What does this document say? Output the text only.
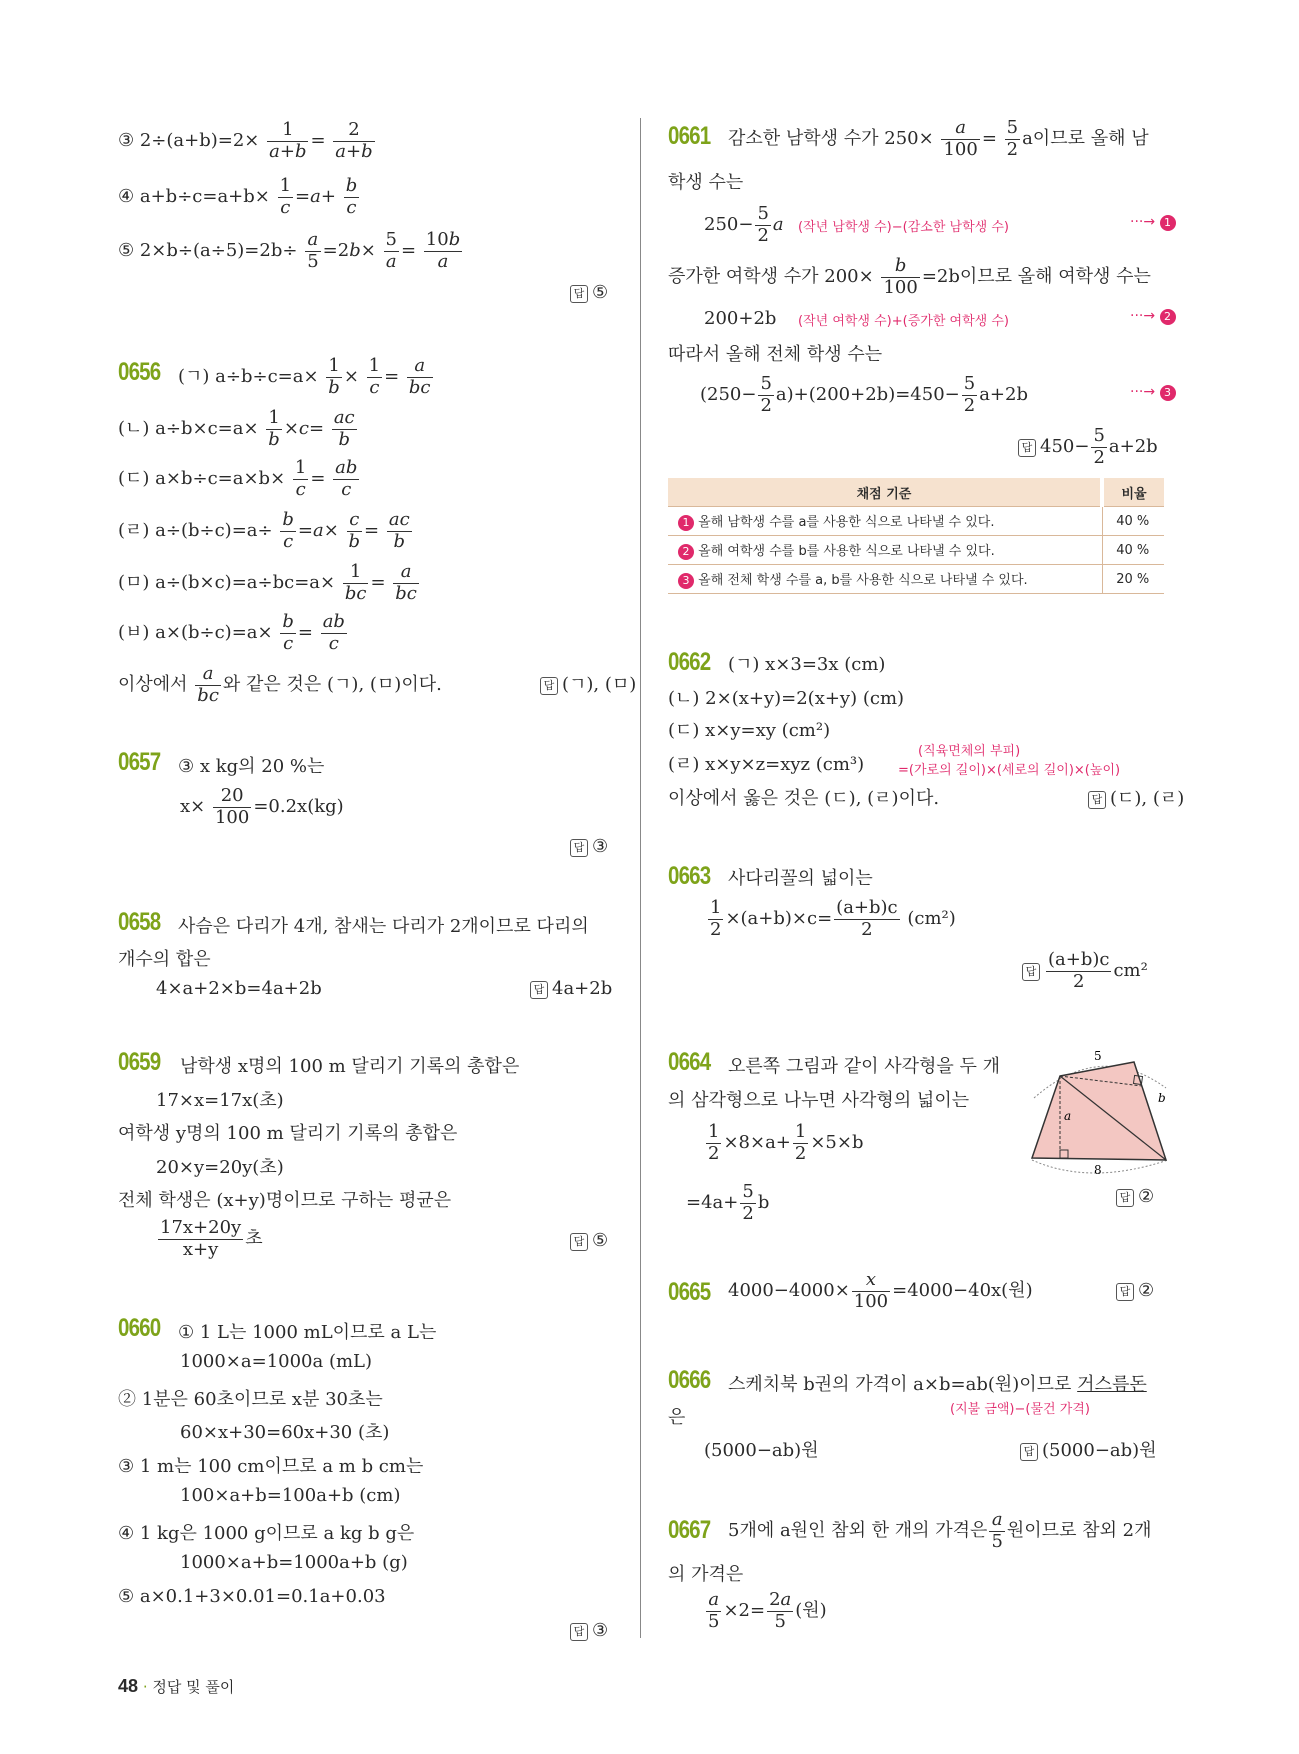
③ $2\div(a+b)=2\times \frac{1}{a+b} = \frac{2}{a+b}$
④ $a+b\div c=a+b\times \frac{1}{c} =a+ \frac{b}{c}$
⑤ $2\times b\div(a\div 5)=2b\div \frac{a}{5} =2b\times \frac{5}{a} = \frac{10b}{a}$
답 ⑤
0656 (ㄱ) $a\div b\div c=a\times \frac{1}{b} \times \frac{1}{c} = \frac{a}{bc}$
(ㄴ) $a\div b\times c=a\times \frac{1}{b} \times c= \frac{ac}{b}$
(ㄷ) $a\times b\div c=a\times b\times \frac{1}{c} = \frac{ab}{c}$
(ㄹ) $a\div(b\div c)=a\div \frac{b}{c} =a\times \frac{c}{b} = \frac{ac}{b}$
(ㅁ) $a\div(b\times c)=a\div bc=a\times \frac{1}{bc} = \frac{a}{bc}$
(ㅂ) $a\times(b\div c)=a\times \frac{b}{c} = \frac{ab}{c}$
이상에서 $\frac{a}{bc}$ 와 같은 것은 (ㄱ), (ㅁ)이다.	답 (ㄱ), (ㅁ)
0657 ③ x kg의 20 %는
$x\times \frac{20}{100} =0.2x(kg)$
답 ③
0658 사슴은 다리가 4개, 참새는 다리가 2개이므로 다리의
개수의 합은
4×a+2×b=4a+2b	답 4a+2b
0659 남학생 x명의 100 m 달리기 기록의 총합은
17×x=17x(초)
여학생 y명의 100 m 달리기 기록의 총합은
20×y=20y(초)
전체 학생은 (x+y)명이므로 구하는 평균은
$\frac{17x+20y}{x+y}$ 초	답 ⑤
0660 ① 1 L는 1000 mL이므로 a L는
1000×a=1000a (mL)
② 1분은 60초이므로 x분 30초는
60×x+30=60x+30 (초)
③ 1 m는 100 cm이므로 a m b cm는
100×a+b=100a+b (cm)
④ 1 kg은 1000 g이므로 a kg b g은
1000×a+b=1000a+b (g)
⑤ a×0.1+3×0.01=0.1a+0.03
답 ③
0661 감소한 남학생 수가 $250\times \frac{a}{100} = \frac{5}{2}$ a이므로 올해 남
학생 수는
$250- \frac{5}{2}$ a (작년 남학생 수)−(감소한 남학생 수)	···→ 1
증가한 여학생 수가 $200\times \frac{b}{100} =2b$이므로 올해 여학생 수는
200+2b (작년 여학생 수)+(증가한 여학생 수)	···→ 2
따라서 올해 전체 학생 수는
$(250- \frac{5}{2} a)+(200+2b)=450- \frac{5}{2} a+2b$	···→ 3
답 $450- \frac{5}{2} a+2b$
채점 기준	비율
1 올해 남학생 수를 a를 사용한 식으로 나타낼 수 있다.	40 %
2 올해 여학생 수를 b를 사용한 식으로 나타낼 수 있다.	40 %
3 올해 전체 학생 수를 a, b를 사용한 식으로 나타낼 수 있다.	20 %
0662 (ㄱ) x×3=3x (cm)
(ㄴ) 2×(x+y)=2(x+y) (cm)
(ㄷ) x×y=xy (cm²)
(ㄹ) x×y×z=xyz (cm³)
(직육면체의 부피)
=(가로의 길이)×(세로의 길이)×(높이)
이상에서 옳은 것은 (ㄷ), (ㄹ)이다.	답 (ㄷ), (ㄹ)
0663 사다리꼴의 넓이는
$\frac{1}{2} \times(a+b)\times c= \frac{(a+b)c}{2} (cm^2)$
답 $\frac{(a+b)c}{2} cm^2$
0664 오른쪽 그림과 같이 사각형을 두 개
의 삼각형으로 나누면 사각형의 넓이는
$\frac{1}{2} \times 8\times a+ \frac{1}{2} \times 5\times b$
$=4a+ \frac{5}{2}$ b
5
b
a
8
답 ②
0665 $4000-4000\times \frac{x}{100} =4000-40x$(원)	답 ②
0666 스케치북 b권의 가격이 a×b=ab(원)이므로 거스름돈
(지불 금액)−(물건 가격)
은
(5000−ab)원	답 (5000−ab)원
0667 5개에 a원인 참외 한 개의 가격은 $\frac{a}{5}$ 원이므로 참외 2개
의 가격은
$\frac{a}{5} \times 2= \frac{2a}{5}$ (원)
48 · 정답 및 풀이
